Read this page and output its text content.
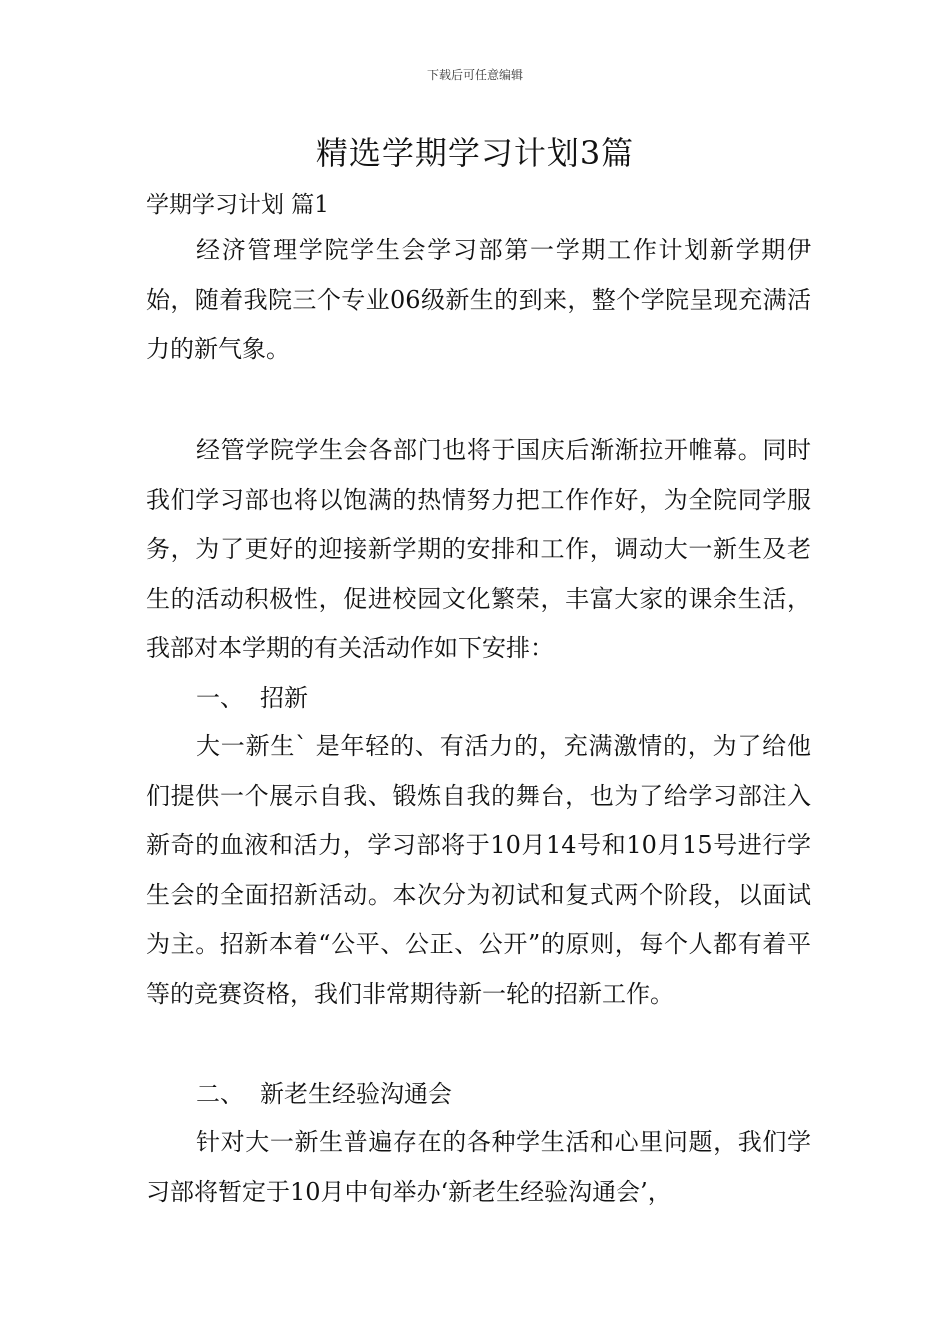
下载后可任意编辑
精选学期学习计划3篇
学期学习计划 篇1

经济管理学院学生会学习部第一学期工作计划新学期伊始，随着我院三个专业06级新生的到来，整个学院呈现充满活力的新气象。

经管学院学生会各部门也将于国庆后渐渐拉开帷幕。同时我们学习部也将以饱满的热情努力把工作作好，为全院同学服务，为了更好的迎接新学期的安排和工作，调动大一新生及老生的活动积极性，促进校园文化繁荣，丰富大家的课余生活，我部对本学期的有关活动作如下安排：

一、 招新

大一新生` 是年轻的、有活力的，充满激情的，为了给他们提供一个展示自我、锻炼自我的舞台，也为了给学习部注入新奇的血液和活力，学习部将于10月14号和10月15号进行学生会的全面招新活动。本次分为初试和复式两个阶段，以面试为主。招新本着“公平、公正、公开”的原则，每个人都有着平等的竞赛资格，我们非常期待新一轮的招新工作。

二、 新老生经验沟通会

针对大一新生普遍存在的各种学生活和心里问题，我们学习部将暂定于10月中旬举办‘新老生经验沟通会’，
